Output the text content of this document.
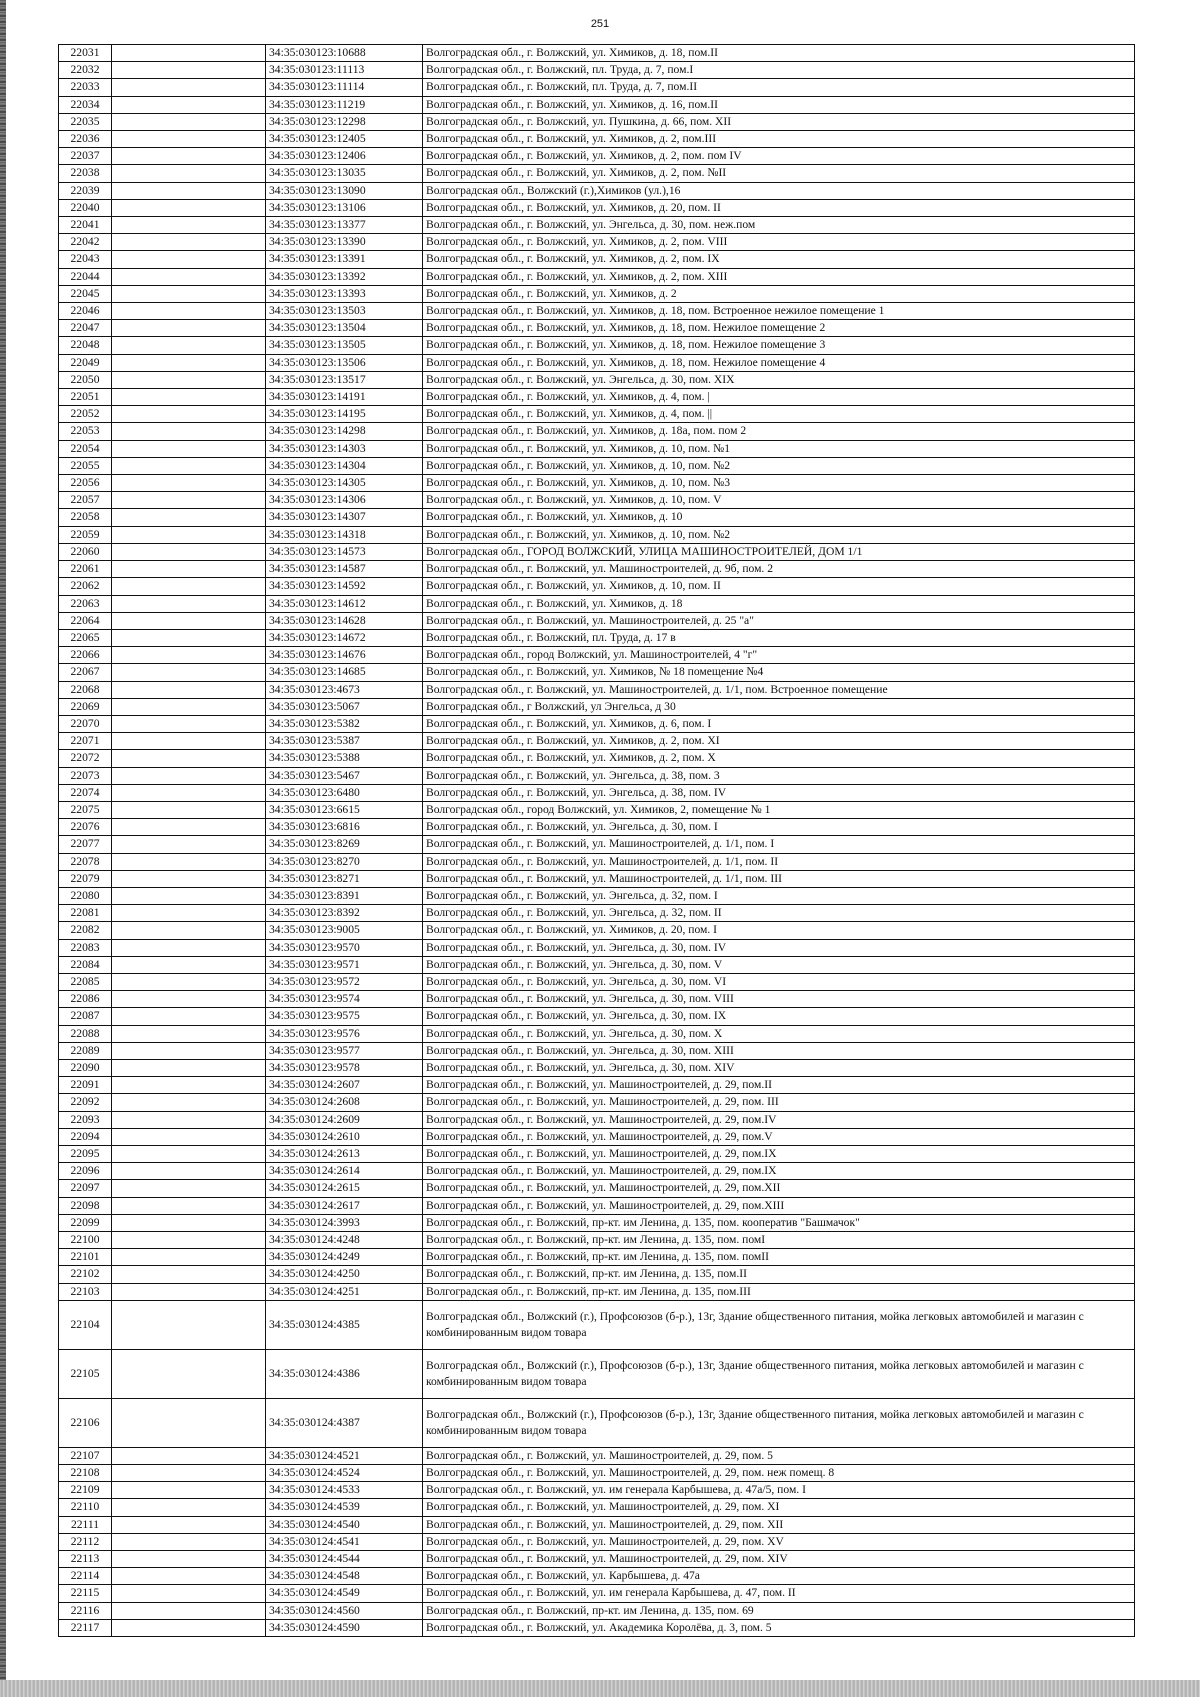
251
22031		34:35:030123:10688	Волгоградская обл., г. Волжский, ул. Химиков, д. 18, пом.II
22032		34:35:030123:11113	Волгоградская обл., г. Волжский, пл. Труда, д. 7, пом.I
22033		34:35:030123:11114	Волгоградская обл., г. Волжский, пл. Труда, д. 7, пом.II
22034		34:35:030123:11219	Волгоградская обл., г. Волжский, ул. Химиков, д. 16, пом.II
22035		34:35:030123:12298	Волгоградская обл., г. Волжский, ул. Пушкина, д. 66, пом. XII
22036		34:35:030123:12405	Волгоградская обл., г. Волжский, ул. Химиков, д. 2, пом.III
22037		34:35:030123:12406	Волгоградская обл., г. Волжский, ул. Химиков, д. 2, пом. пом IV
22038		34:35:030123:13035	Волгоградская обл., г. Волжский, ул. Химиков, д. 2, пом. №II
22039		34:35:030123:13090	Волгоградская обл., Волжский (г.),Химиков (ул.),16
22040		34:35:030123:13106	Волгоградская обл., г. Волжский, ул. Химиков, д. 20, пом. II
22041		34:35:030123:13377	Волгоградская обл., г. Волжский, ул. Энгельса, д. 30, пом. неж.пом
22042		34:35:030123:13390	Волгоградская обл., г. Волжский, ул. Химиков, д. 2, пом. VIII
22043		34:35:030123:13391	Волгоградская обл., г. Волжский, ул. Химиков, д. 2, пом. IX
22044		34:35:030123:13392	Волгоградская обл., г. Волжский, ул. Химиков, д. 2, пом. XIII
22045		34:35:030123:13393	Волгоградская обл., г. Волжский, ул. Химиков, д. 2
22046		34:35:030123:13503	Волгоградская обл., г. Волжский, ул. Химиков, д. 18, пом. Встроенное нежилое помещение 1
22047		34:35:030123:13504	Волгоградская обл., г. Волжский, ул. Химиков, д. 18, пом. Нежилое помещение 2
22048		34:35:030123:13505	Волгоградская обл., г. Волжский, ул. Химиков, д. 18, пом. Нежилое помещение 3
22049		34:35:030123:13506	Волгоградская обл., г. Волжский, ул. Химиков, д. 18, пом. Нежилое помещение 4
22050		34:35:030123:13517	Волгоградская обл., г. Волжский, ул. Энгельса, д. 30, пом. XIX
22051		34:35:030123:14191	Волгоградская обл., г. Волжский, ул. Химиков, д. 4, пом. |
22052		34:35:030123:14195	Волгоградская обл., г. Волжский, ул. Химиков, д. 4, пом. ||
22053		34:35:030123:14298	Волгоградская обл., г. Волжский, ул. Химиков, д. 18а, пом. пом 2
22054		34:35:030123:14303	Волгоградская обл., г. Волжский, ул. Химиков, д. 10, пом. №1
22055		34:35:030123:14304	Волгоградская обл., г. Волжский, ул. Химиков, д. 10, пом. №2
22056		34:35:030123:14305	Волгоградская обл., г. Волжский, ул. Химиков, д. 10, пом. №3
22057		34:35:030123:14306	Волгоградская обл., г. Волжский, ул. Химиков, д. 10, пом. V
22058		34:35:030123:14307	Волгоградская обл., г. Волжский, ул. Химиков, д. 10
22059		34:35:030123:14318	Волгоградская обл., г. Волжский, ул. Химиков, д. 10, пом. №2
22060		34:35:030123:14573	Волгоградская обл., ГОРОД ВОЛЖСКИЙ, УЛИЦА МАШИНОСТРОИТЕЛЕЙ, ДОМ 1/1
22061		34:35:030123:14587	Волгоградская обл., г. Волжский, ул. Машиностроителей, д. 9б, пом. 2
22062		34:35:030123:14592	Волгоградская обл., г. Волжский, ул. Химиков, д. 10, пом. II
22063		34:35:030123:14612	Волгоградская обл., г. Волжский, ул. Химиков, д. 18
22064		34:35:030123:14628	Волгоградская обл., г. Волжский, ул. Машиностроителей, д. 25 "а"
22065		34:35:030123:14672	Волгоградская обл., г. Волжский, пл. Труда, д. 17 в
22066		34:35:030123:14676	Волгоградская обл., город Волжский, ул. Машиностроителей, 4 "г"
22067		34:35:030123:14685	Волгоградская обл., г. Волжский, ул. Химиков, № 18 помещение №4
22068		34:35:030123:4673	Волгоградская обл., г. Волжский, ул. Машиностроителей, д. 1/1, пом. Встроенное помещение
22069		34:35:030123:5067	Волгоградская обл., г Волжский, ул Энгельса, д 30
22070		34:35:030123:5382	Волгоградская обл., г. Волжский, ул. Химиков, д. 6, пом. I
22071		34:35:030123:5387	Волгоградская обл., г. Волжский, ул. Химиков, д. 2, пом. XI
22072		34:35:030123:5388	Волгоградская обл., г. Волжский, ул. Химиков, д. 2, пом. X
22073		34:35:030123:5467	Волгоградская обл., г. Волжский, ул. Энгельса, д. 38, пом. 3
22074		34:35:030123:6480	Волгоградская обл., г. Волжский, ул. Энгельса, д. 38, пом. IV
22075		34:35:030123:6615	Волгоградская обл., город Волжский, ул. Химиков, 2, помещение № 1
22076		34:35:030123:6816	Волгоградская обл., г. Волжский, ул. Энгельса, д. 30, пом. I
22077		34:35:030123:8269	Волгоградская обл., г. Волжский, ул. Машиностроителей, д. 1/1, пом. I
22078		34:35:030123:8270	Волгоградская обл., г. Волжский, ул. Машиностроителей, д. 1/1, пом. II
22079		34:35:030123:8271	Волгоградская обл., г. Волжский, ул. Машиностроителей, д. 1/1, пом. III
22080		34:35:030123:8391	Волгоградская обл., г. Волжский, ул. Энгельса, д. 32, пом. I
22081		34:35:030123:8392	Волгоградская обл., г. Волжский, ул. Энгельса, д. 32, пом. II
22082		34:35:030123:9005	Волгоградская обл., г. Волжский, ул. Химиков, д. 20, пом. I
22083		34:35:030123:9570	Волгоградская обл., г. Волжский, ул. Энгельса, д. 30, пом. IV
22084		34:35:030123:9571	Волгоградская обл., г. Волжский, ул. Энгельса, д. 30, пом. V
22085		34:35:030123:9572	Волгоградская обл., г. Волжский, ул. Энгельса, д. 30, пом. VI
22086		34:35:030123:9574	Волгоградская обл., г. Волжский, ул. Энгельса, д. 30, пом. VIII
22087		34:35:030123:9575	Волгоградская обл., г. Волжский, ул. Энгельса, д. 30, пом. IX
22088		34:35:030123:9576	Волгоградская обл., г. Волжский, ул. Энгельса, д. 30, пом. X
22089		34:35:030123:9577	Волгоградская обл., г. Волжский, ул. Энгельса, д. 30, пом. XIII
22090		34:35:030123:9578	Волгоградская обл., г. Волжский, ул. Энгельса, д. 30, пом. XIV
22091		34:35:030124:2607	Волгоградская обл., г. Волжский, ул. Машиностроителей, д. 29, пом.II
22092		34:35:030124:2608	Волгоградская обл., г. Волжский, ул. Машиностроителей, д. 29, пом. III
22093		34:35:030124:2609	Волгоградская обл., г. Волжский, ул. Машиностроителей, д. 29, пом.IV
22094		34:35:030124:2610	Волгоградская обл., г. Волжский, ул. Машиностроителей, д. 29, пом.V
22095		34:35:030124:2613	Волгоградская обл., г. Волжский, ул. Машиностроителей, д. 29, пом.IX
22096		34:35:030124:2614	Волгоградская обл., г. Волжский, ул. Машиностроителей, д. 29, пом.IX
22097		34:35:030124:2615	Волгоградская обл., г. Волжский, ул. Машиностроителей, д. 29, пом.XII
22098		34:35:030124:2617	Волгоградская обл., г. Волжский, ул. Машиностроителей, д. 29, пом.XIII
22099		34:35:030124:3993	Волгоградская обл., г. Волжский, пр-кт. им Ленина, д. 135, пом. кооператив "Башмачок"
22100		34:35:030124:4248	Волгоградская обл., г. Волжский, пр-кт. им Ленина, д. 135, пом. помI
22101		34:35:030124:4249	Волгоградская обл., г. Волжский, пр-кт. им Ленина, д. 135, пом. помII
22102		34:35:030124:4250	Волгоградская обл., г. Волжский, пр-кт. им Ленина, д. 135, пом.II
22103		34:35:030124:4251	Волгоградская обл., г. Волжский, пр-кт. им Ленина, д. 135, пом.III
22104		34:35:030124:4385	Волгоградская обл., Волжский (г.), Профсоюзов (б-р.), 13г, Здание общественного питания, мойка легковых автомобилей и магазин с комбинированным видом товара
22105		34:35:030124:4386	Волгоградская обл., Волжский (г.), Профсоюзов (б-р.), 13г, Здание общественного питания, мойка легковых автомобилей и магазин с комбинированным видом товара
22106		34:35:030124:4387	Волгоградская обл., Волжский (г.), Профсоюзов (б-р.), 13г, Здание общественного питания, мойка легковых автомобилей и магазин с комбинированным видом товара
22107		34:35:030124:4521	Волгоградская обл., г. Волжский, ул. Машиностроителей, д. 29, пом. 5
22108		34:35:030124:4524	Волгоградская обл., г. Волжский, ул. Машиностроителей, д. 29, пом. неж помещ. 8
22109		34:35:030124:4533	Волгоградская обл., г. Волжский, ул. им генерала Карбышева, д. 47а/5, пом. I
22110		34:35:030124:4539	Волгоградская обл., г. Волжский, ул. Машиностроителей, д. 29, пом. XI
22111		34:35:030124:4540	Волгоградская обл., г. Волжский, ул. Машиностроителей, д. 29, пом. XII
22112		34:35:030124:4541	Волгоградская обл., г. Волжский, ул. Машиностроителей, д. 29, пом. XV
22113		34:35:030124:4544	Волгоградская обл., г. Волжский, ул. Машиностроителей, д. 29, пом. XIV
22114		34:35:030124:4548	Волгоградская обл., г. Волжский, ул. Карбышева, д. 47а
22115		34:35:030124:4549	Волгоградская обл., г. Волжский, ул. им генерала Карбышева, д. 47, пом. II
22116		34:35:030124:4560	Волгоградская обл., г. Волжский, пр-кт. им Ленина, д. 135, пом. 69
22117		34:35:030124:4590	Волгоградская обл., г. Волжский, ул. Академика Королёва, д. 3, пом. 5
